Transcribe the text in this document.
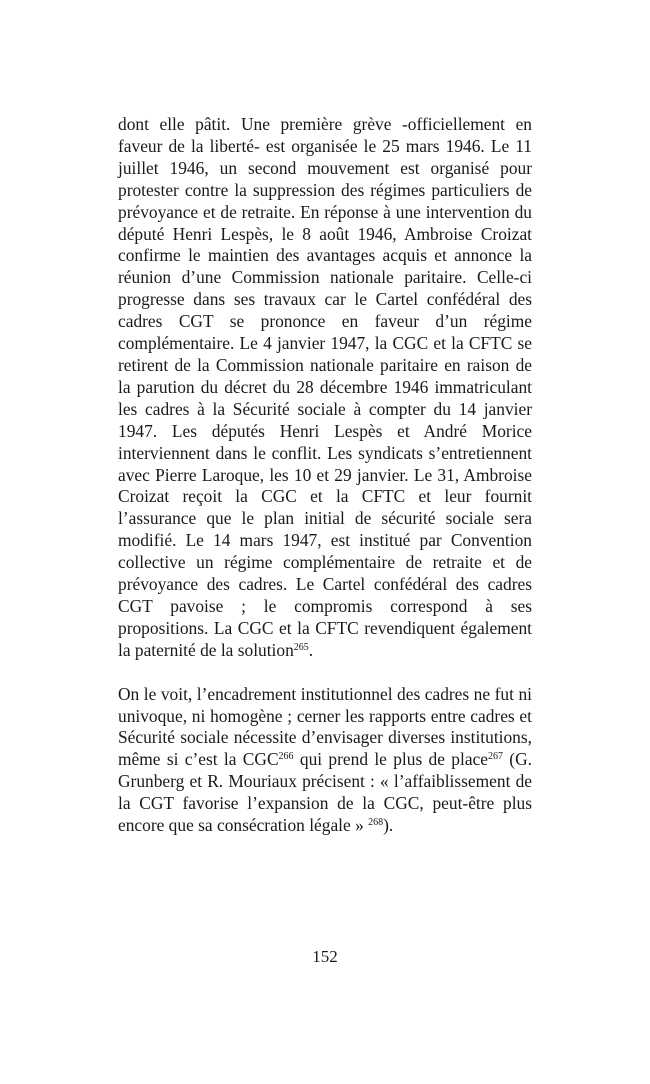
dont elle pâtit. Une première grève -officiellement en faveur de la liberté- est organisée le 25 mars 1946. Le 11 juillet 1946, un second mouvement est organisé pour protester contre la suppression des régimes particuliers de prévoyance et de retraite. En réponse à une intervention du député Henri Lespès, le 8 août 1946, Ambroise Croizat confirme le maintien des avantages acquis et annonce la réunion d’une Commission nationale paritaire. Celle-ci progresse dans ses travaux car le Cartel confédéral des cadres CGT se prononce en faveur d’un régime complémentaire. Le 4 janvier 1947, la CGC et la CFTC se retirent de la Commission nationale paritaire en raison de la parution du décret du 28 décembre 1946 immatriculant les cadres à la Sécurité sociale à compter du 14 janvier 1947. Les députés Henri Lespès et André Morice interviennent dans le conflit. Les syndicats s’entretiennent avec Pierre Laroque, les 10 et 29 janvier. Le 31, Ambroise Croizat reçoit la CGC et la CFTC et leur fournit l’assurance que le plan initial de sécurité sociale sera modifié. Le 14 mars 1947, est institué par Convention collective un régime complémentaire de retraite et de prévoyance des cadres. Le Cartel confédéral des cadres CGT pavoise ; le compromis correspond à ses propositions. La CGC et la CFTC revendiquent également la paternité de la solution$^{265}$.

On le voit, l’encadrement institutionnel des cadres ne fut ni univoque, ni homogène ; cerner les rapports entre cadres et Sécurité sociale nécessite d’envisager diverses institutions, même si c’est la CGC$^{266}$ qui prend le plus de place$^{267}$ (G. Grunberg et R. Mouriaux précisent : « l’affaiblissement de la CGT favorise l’expansion de la CGC, peut-être plus encore que sa consécration légale » $^{268}$).

152
